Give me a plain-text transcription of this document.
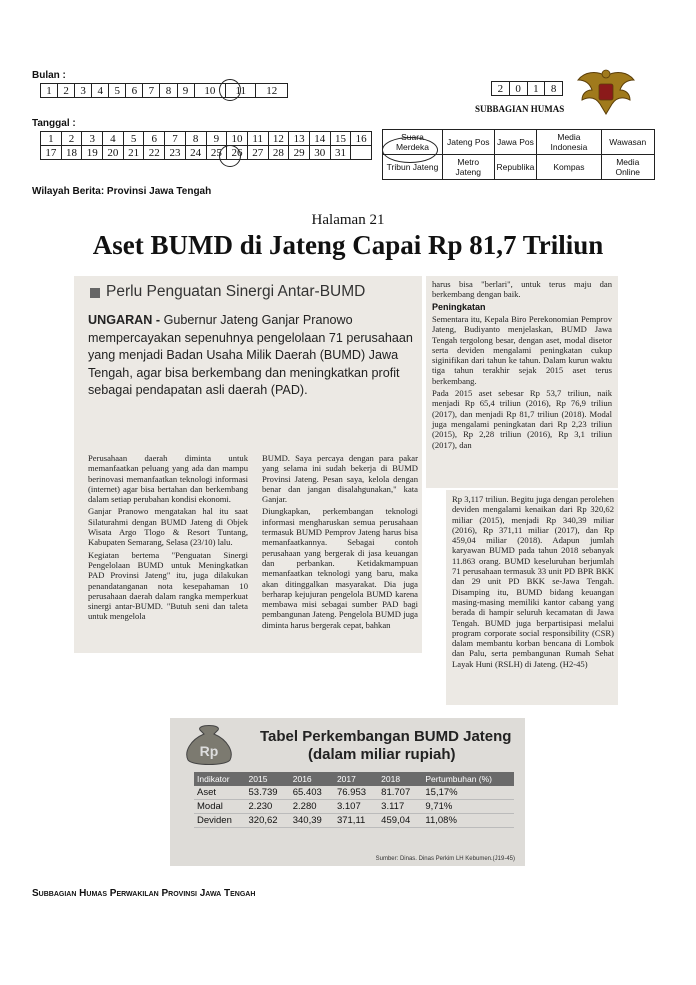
Bulan :
1	2	3	4	5	6	7	8	9	10	11	12
Tanggal :
1	2	3	4	5	6	7	8	9	10	11	12	13	14	15	16
17	18	19	20	21	22	23	24	25	26	27	28	29	30	31	
2	0	1	8
SUBBAGIAN HUMAS
Suara Merdeka	Jateng Pos	Jawa Pos	Media Indonesia	Wawasan
Tribun Jateng	Metro Jateng	Republika	Kompas	Media Online
Wilayah Berita: Provinsi Jawa Tengah
Halaman 21
Aset BUMD di Jateng Capai Rp 81,7 Triliun
Perlu Penguatan Sinergi Antar-BUMD
UNGARAN - Gubernur Jateng Ganjar Pranowo mempercayakan sepenuhnya pengelolaan 71 perusahaan yang menjadi Badan Usaha Milik Daerah (BUMD) Jawa Tengah, agar bisa berkembang dan meningkatkan profit sebagai pendapatan asli daerah (PAD).

Perusahaan daerah diminta untuk memanfaatkan peluang yang ada dan mampu berinovasi memanfaatkan teknologi informasi (internet) agar bisa bertahan dan berkembang dalam setiap perubahan kondisi ekonomi.

Ganjar Pranowo mengatakan hal itu saat Silaturahmi dengan BUMD Jateng di Objek Wisata Argo Tlogo & Resort Tuntang, Kabupaten Semarang, Selasa (23/10) lalu.

Kegiatan bertema "Penguatan Sinergi Pengelolaan BUMD untuk Meningkatkan PAD Provinsi Jateng" itu, juga dilakukan penandatanganan nota kesepahaman 10 perusahaan daerah dalam rangka memperkuat sinergi antar-BUMD. "Butuh seni dan taleta untuk mengelola

BUMD. Saya percaya dengan para pakar yang selama ini sudah bekerja di BUMD Provinsi Jateng. Pesan saya, kelola dengan benar dan jangan disalahgunakan," kata Ganjar.

Diungkapkan, perkembangan teknologi informasi mengharuskan semua perusahaan termasuk BUMD Pemprov Jateng harus bisa memanfaatkannya. Sebagai contoh perusahaan yang bergerak di jasa keuangan dan perbankan. Ketidakmampuan memanfaatkan teknologi yang baru, maka akan ditinggalkan masyarakat. Dia juga berharap kejujuran pengelola BUMD karena membawa misi sebagai sumber PAD bagi pembangunan Jateng. Pengelola BUMD juga diminta harus bergerak cepat, bahkan

harus bisa "berlari", untuk terus maju dan berkembang dengan baik.

Peningkatan

Sementara itu, Kepala Biro Perekonomian Pemprov Jateng, Budiyanto menjelaskan, BUMD Jawa Tengah tergolong besar, dengan aset, modal disetor serta deviden mengalami peningkatan cukup siginifikan dari tahun ke tahun. Dalam kurun waktu tiga tahun terakhir sejak 2015 aset terus berkembang.

Pada 2015 aset sebesar Rp 53,7 triliun, naik menjadi Rp 65,4 triliun (2016), Rp 76,9 triliun (2017), dan menjadi Rp 81,7 triliun (2018). Modal juga mengalami peningkatan dari Rp 2,23 triliun (2015), Rp 2,28 triliun (2016), Rp 3,1 triliun (2017), dan

Rp 3,117 triliun. Begitu juga dengan perolehen deviden mengalami kenaikan dari Rp 320,62 miliar (2015), menjadi Rp 340,39 miliar (2016), Rp 371,11 miliar (2017), dan Rp 459,04 miliar (2018). Adapun jumlah karyawan BUMD pada tahun 2018 sebanyak 11.863 orang. BUMD keseluruhan berjumlah 71 perusahaan termasuk 33 unit PD BPR BKK dan 29 unit PD BKK se-Jawa Tengah. Disamping itu, BUMD bidang keuangan masing-masing memiliki kantor cabang yang berada di hampir seluruh kecamatan di Jawa Tengah. BUMD juga berpartisipasi melalui program corporate social responsibility (CSR) dalam membantu korban bencana di Lombok dan Palu, serta pembangunan Rumah Sehat Layak Huni (RSLH) di Jateng. (H2-45)

Rp
Tabel Perkembangan BUMD Jateng
(dalam miliar rupiah)
Indikator	2015	2016	2017	2018	Pertumbuhan (%)
Aset	53.739	65.403	76.953	81.707	15,17%
Modal	2.230	2.280	3.107	3.117	9,71%
Deviden	320,62	340,39	371,11	459,04	11,08%
Sumber: Dinas. Dinas Perkim LH Kebumen.(J19-45)
Subbagian Humas Perwakilan Provinsi Jawa Tengah
